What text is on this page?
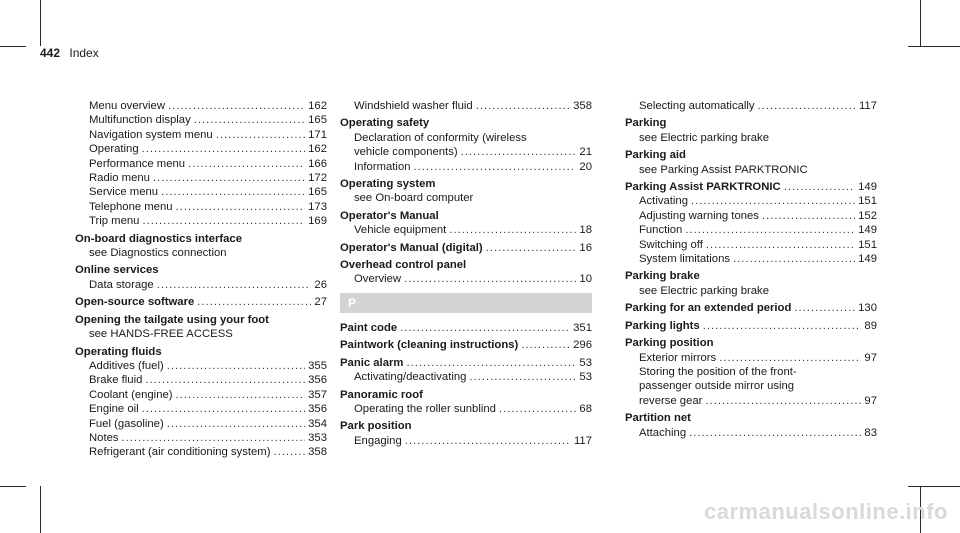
442 Index
Menu overview .....	162
Multifunction display .....	165
Navigation system menu .....	171
Operating .....	162
Performance menu .....	166
Radio menu .....	172
Service menu .....	165
Telephone menu .....	173
Trip menu .....	169
On-board diagnostics interface
see Diagnostics connection
Online services
Data storage .....	26
Open-source software .....	27
Opening the tailgate using your foot
see HANDS-FREE ACCESS
Operating fluids
Additives (fuel) .....	355
Brake fluid .....	356
Coolant (engine) .....	357
Engine oil .....	356
Fuel (gasoline) .....	354
Notes .....	353
Refrigerant (air conditioning system) .....	358
Windshield washer fluid .....	358
Operating safety
Declaration of conformity (wireless
vehicle components) .....	21
Information .....	20
Operating system
see On-board computer
Operator's Manual
Vehicle equipment .....	18
Operator's Manual (digital) .....	16
Overhead control panel
Overview .....	10
P
Paint code .....	351
Paintwork (cleaning instructions) .....	296
Panic alarm .....	53
Activating/deactivating .....	53
Panoramic roof
Operating the roller sunblind .....	68
Park position
Engaging .....	117
Selecting automatically .....	117
Parking
see Electric parking brake
Parking aid
see Parking Assist PARKTRONIC
Parking Assist PARKTRONIC .....	149
Activating .....	151
Adjusting warning tones .....	152
Function .....	149
Switching off .....	151
System limitations .....	149
Parking brake
see Electric parking brake
Parking for an extended period .....	130
Parking lights .....	89
Parking position
Exterior mirrors .....	97
Storing the position of the front-
passenger outside mirror using
reverse gear .....	97
Partition net
Attaching .....	83
carmanualsonline.info
